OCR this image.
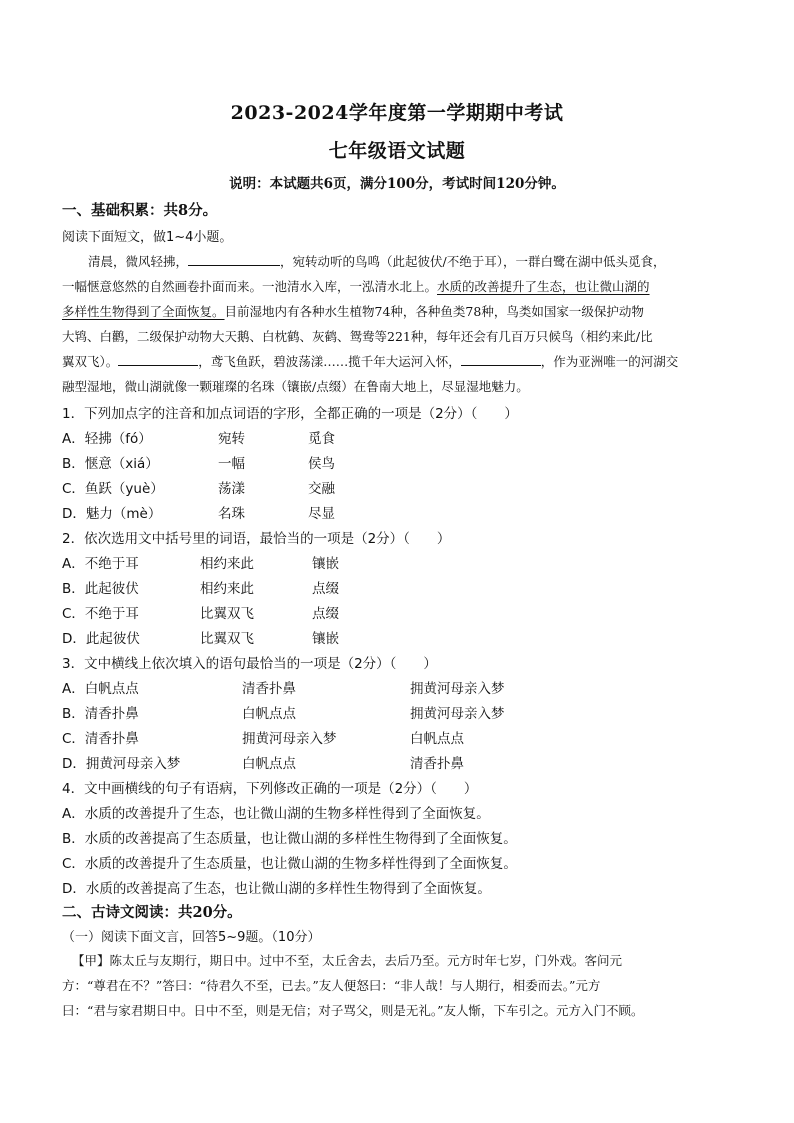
2023-2024学年度第一学期期中考试
七年级语文试题
说明：本试题共6页，满分100分，考试时间120分钟。
一、基础积累：共8分。
阅读下面短文，做1~4小题。
清晨，微风轻拂，	，宛转动听的鸟鸣（此起彼伏/不绝于耳），一群白鹭在湖中低头觅食，
一幅惬意悠然的自然画卷扑面而来。一池清水入库，一泓清水北上。水质的改善提升了生态，也让微山湖的
多样性生物得到了全面恢复。目前湿地内有各种水生植物74种，各种鱼类78种，鸟类如国家一级保护动物
大鸨、白鹳，二级保护动物大天鹅、白枕鹤、灰鹤、鸳鸯等221种，每年还会有几百万只候鸟（相约来此/比
翼双飞）。	，鸢飞鱼跃，碧波荡漾……揽千年大运河入怀，	，作为亚洲唯一的河湖交
融型湿地，微山湖就像一颗璀璨的名珠（镶嵌/点缀）在鲁南大地上，尽显湿地魅力。
1．下列加点字的注音和加点词语的字形，全都正确的一项是（2分）（　　）
A．轻拂（fó）	宛转	觅食
B．惬意（xiá）	一幅	侯鸟
C．鱼跃（yuè）	荡漾	交融
D．魅力（mè）	名珠	尽显
2．依次选用文中括号里的词语，最恰当的一项是（2分）（　　）
A．不绝于耳	相约来此	镶嵌
B．此起彼伏	相约来此	点缀
C．不绝于耳	比翼双飞	点缀
D．此起彼伏	比翼双飞	镶嵌
3．文中横线上依次填入的语句最恰当的一项是（2分）（　　）
A．白帆点点	清香扑鼻	拥黄河母亲入梦
B．清香扑鼻	白帆点点	拥黄河母亲入梦
C．清香扑鼻	拥黄河母亲入梦	白帆点点
D．拥黄河母亲入梦	白帆点点	清香扑鼻
4．文中画横线的句子有语病，下列修改正确的一项是（2分）（　　）
A．水质的改善提升了生态，也让微山湖的生物多样性得到了全面恢复。
B．水质的改善提高了生态质量，也让微山湖的多样性生物得到了全面恢复。
C．水质的改善提升了生态质量，也让微山湖的生物多样性得到了全面恢复。
D．水质的改善提高了生态，也让微山湖的多样性生物得到了全面恢复。
二、古诗文阅读：共20分。
（一）阅读下面文言，回答5~9题。（10分）
【甲】陈太丘与友期行，期日中。过中不至，太丘舍去，去后乃至。元方时年七岁，门外戏。客问元
方：“尊君在不？”答曰：“待君久不至，已去。”友人便怒曰：“非人哉！与人期行，相委而去。”元方
曰：“君与家君期日中。日中不至，则是无信；对子骂父，则是无礼。”友人惭，下车引之。元方入门不顾。
